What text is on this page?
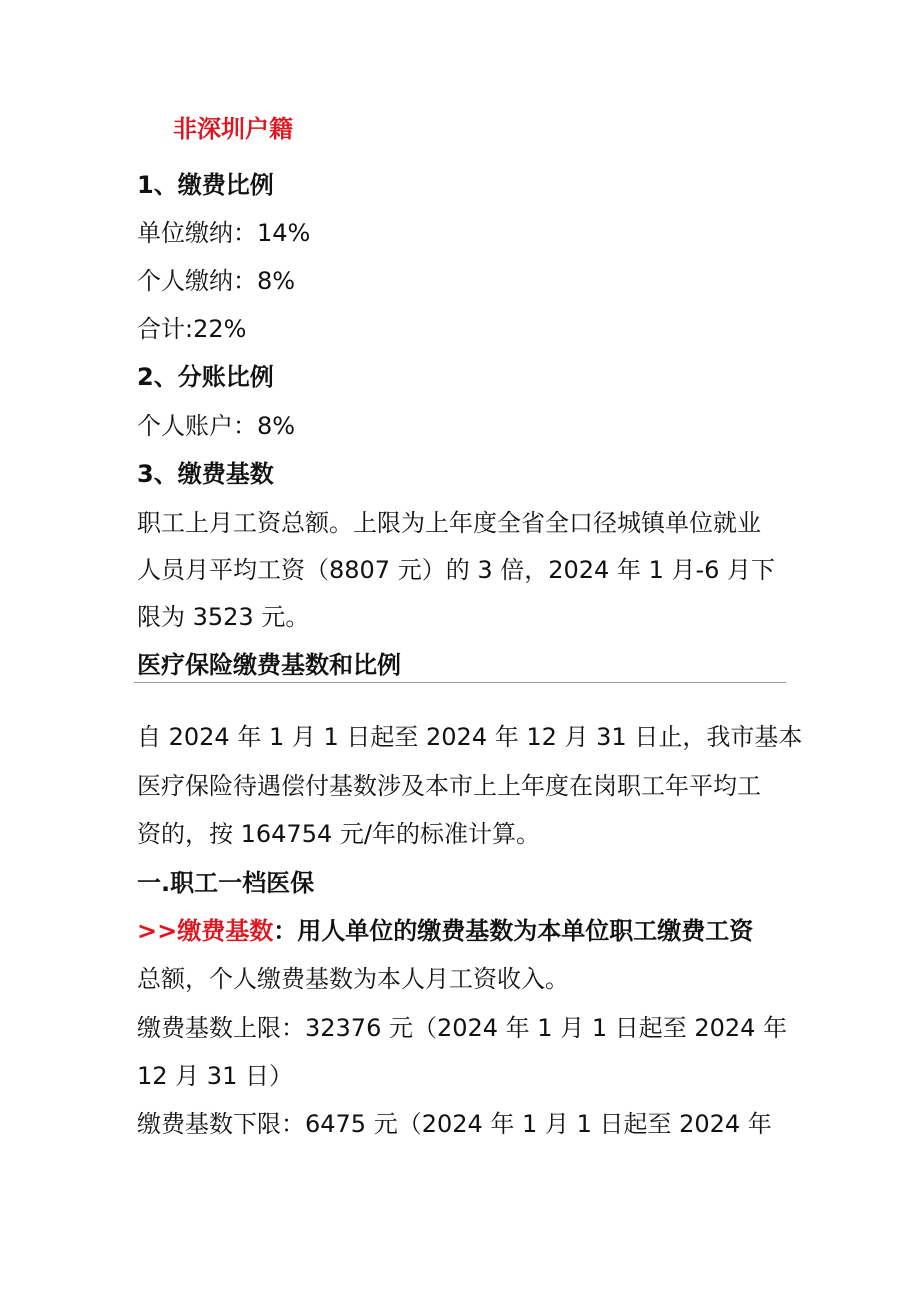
非深圳户籍

1、缴费比例

单位缴纳：14%

个人缴纳：8%

合计:22%

2、分账比例

个人账户：8%

3、缴费基数

职工上月工资总额。上限为上年度全省全口径城镇单位就业

人员月平均工资（8807 元）的 3 倍，2024 年 1 月-6 月下

限为 3523 元。

医疗保险缴费基数和比例

自 2024 年 1 月 1 日起至 2024 年 12 月 31 日止，我市基本

医疗保险待遇偿付基数涉及本市上上年度在岗职工年平均工

资的，按 164754 元/年的标准计算。

一.职工一档医保

>>缴费基数：用人单位的缴费基数为本单位职工缴费工资

总额，个人缴费基数为本人月工资收入。

缴费基数上限：32376 元（2024 年 1 月 1 日起至 2024 年

12 月 31 日）

缴费基数下限：6475 元（2024 年 1 月 1 日起至 2024 年
